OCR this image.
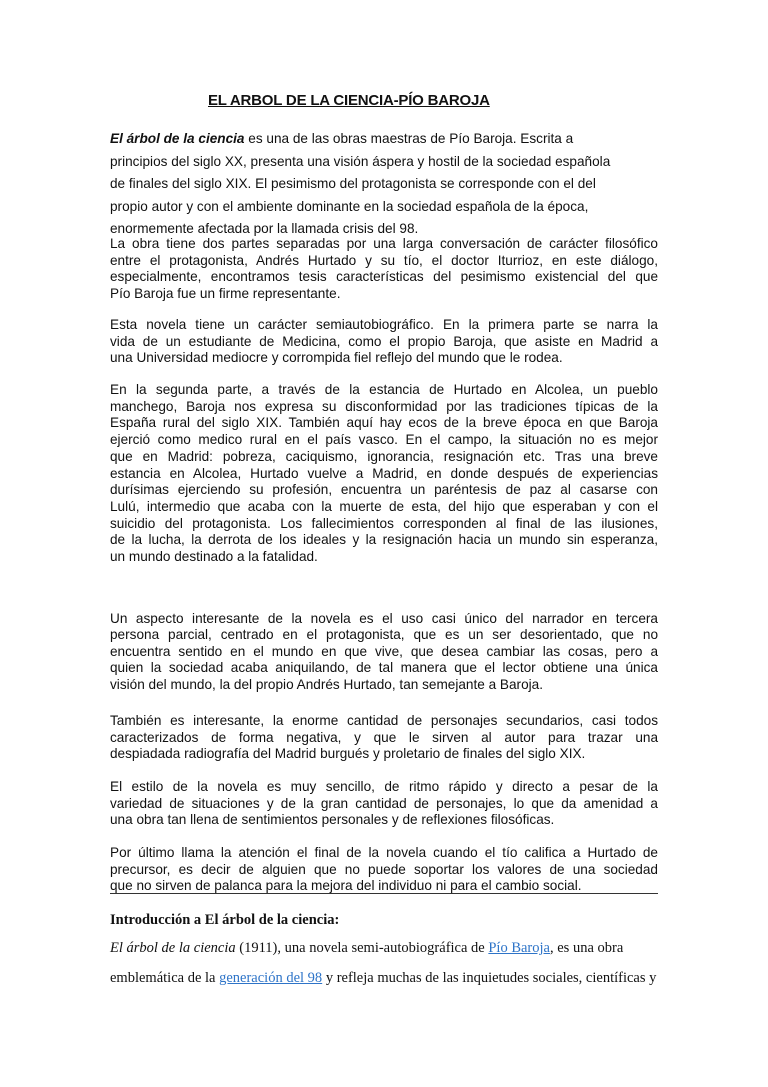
EL ARBOL DE LA CIENCIA-PÍO BAROJA
El árbol de la ciencia es una de las obras maestras de Pío Baroja. Escrita a
principios del siglo XX, presenta una visión áspera y hostil de la sociedad española
de finales del siglo XIX. El pesimismo del protagonista se corresponde con el del
propio autor y con el ambiente dominante en la sociedad española de la época,
enormemente afectada por la llamada crisis del 98.
La obra tiene dos partes separadas por una larga conversación de carácter filosófico
entre el protagonista, Andrés Hurtado y su tío, el doctor Iturrioz, en este diálogo,
especialmente, encontramos tesis características del pesimismo existencial del que
Pío Baroja fue un firme representante.
Esta novela tiene un carácter semiautobiográfico. En la primera parte se narra la
vida de un estudiante de Medicina, como el propio Baroja, que asiste en Madrid a
una Universidad mediocre y corrompida fiel reflejo del mundo que le rodea.
En la segunda parte, a través de la estancia de Hurtado en Alcolea, un pueblo
manchego, Baroja nos expresa su disconformidad por las tradiciones típicas de la
España rural del siglo XIX. También aquí hay ecos de la breve época en que Baroja
ejerció como medico rural en el país vasco. En el campo, la situación no es mejor
que en Madrid: pobreza, caciquismo, ignorancia, resignación etc. Tras una breve
estancia en Alcolea, Hurtado vuelve a Madrid, en donde después de experiencias
durísimas ejerciendo su profesión, encuentra un paréntesis de paz al casarse con
Lulú, intermedio que acaba con la muerte de esta, del hijo que esperaban y con el
suicidio del protagonista. Los fallecimientos corresponden al final de las ilusiones,
de la lucha, la derrota de los ideales y la resignación hacia un mundo sin esperanza,
un mundo destinado a la fatalidad.
Un aspecto interesante de la novela es el uso casi único del narrador en tercera
persona parcial, centrado en el protagonista, que es un ser desorientado, que no
encuentra sentido en el mundo en que vive, que desea cambiar las cosas, pero a
quien la sociedad acaba aniquilando, de tal manera que el lector obtiene una única
visión del mundo, la del propio Andrés Hurtado, tan semejante a Baroja.
También es interesante, la enorme cantidad de personajes secundarios, casi todos
caracterizados de forma negativa, y que le sirven al autor para trazar una
despiadada radiografía del Madrid burgués y proletario de finales del siglo XIX.
El estilo de la novela es muy sencillo, de ritmo rápido y directo a pesar de la
variedad de situaciones y de la gran cantidad de personajes, lo que da amenidad a
una obra tan llena de sentimientos personales y de reflexiones filosóficas.
Por último llama la atención el final de la novela cuando el tío califica a Hurtado de
precursor, es decir de alguien que no puede soportar los valores de una sociedad
que no sirven de palanca para la mejora del individuo ni para el cambio social.
Introducción a El árbol de la ciencia:
El árbol de la ciencia (1911), una novela semi-autobiográfica de Pío Baroja, es una obra
emblemática de la generación del 98 y refleja muchas de las inquietudes sociales, científicas y
